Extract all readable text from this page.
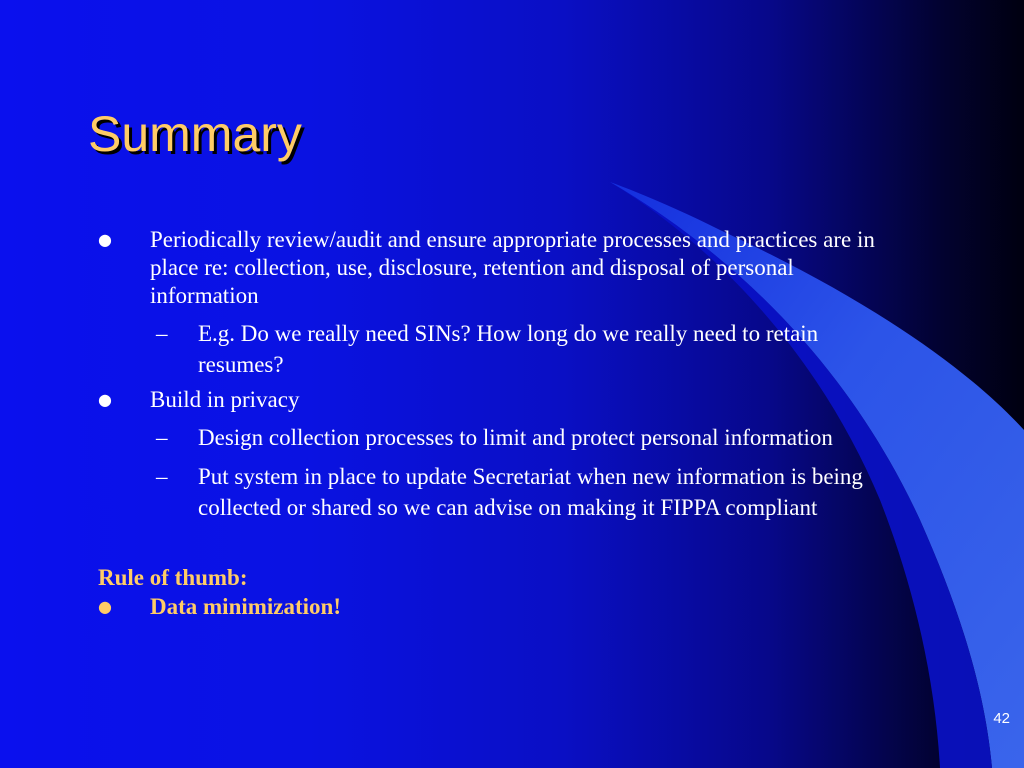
Summary
● Periodically review/audit and ensure appropriate processes and practices are in place re: collection, use, disclosure, retention and disposal of personal information
– E.g. Do we really need SINs? How long do we really need to retain resumes?
● Build in privacy
– Design collection processes to limit and protect personal information
– Put system in place to update Secretariat when new information is being collected or shared so we can advise on making it FIPPA compliant
Rule of thumb:
● Data minimization!
42
